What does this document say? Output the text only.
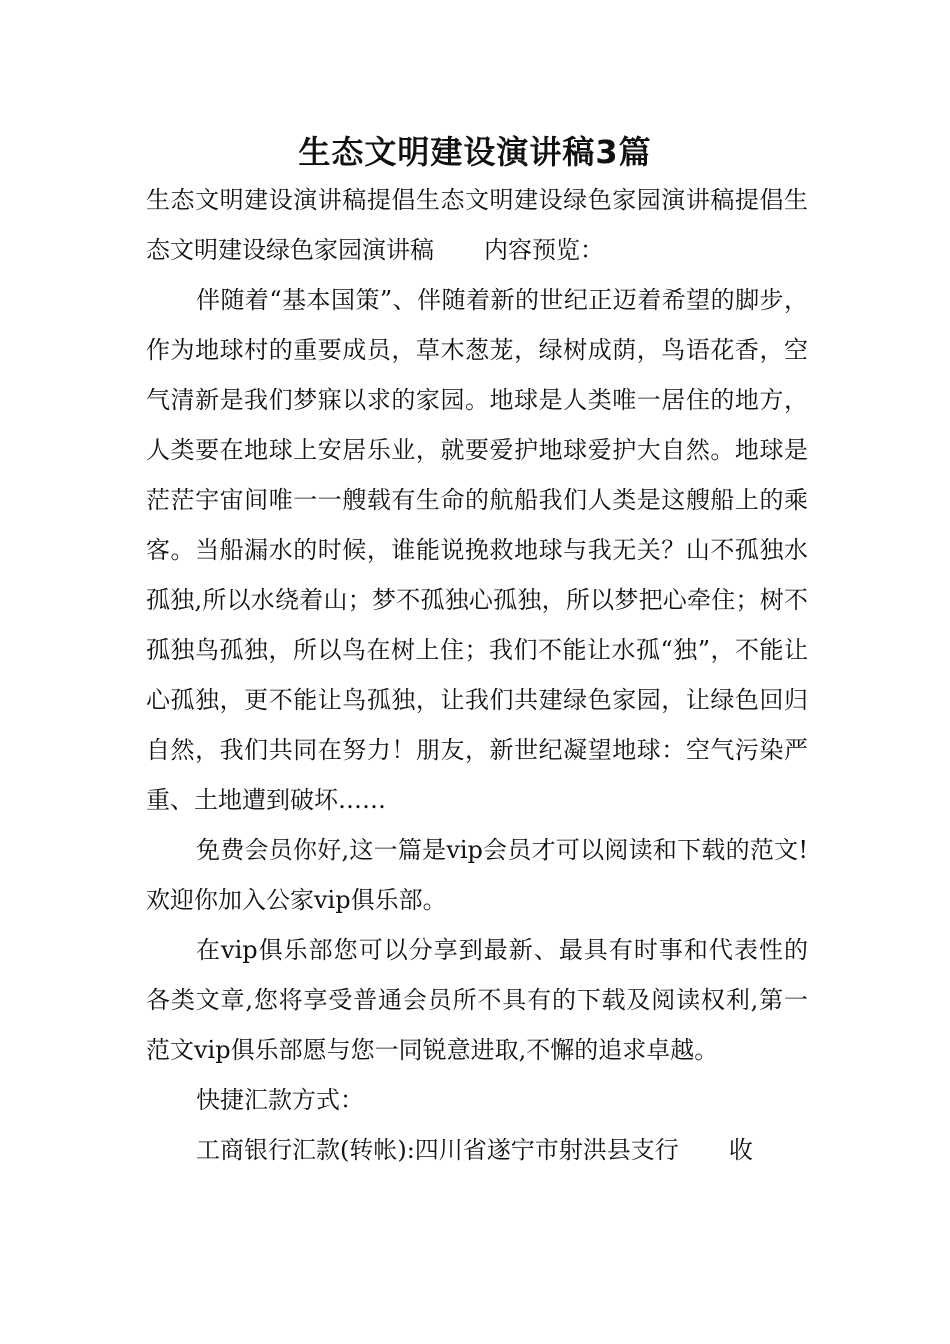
生态文明建设演讲稿3篇

生态文明建设演讲稿提倡生态文明建设绿色家园演讲稿提倡生态文明建设绿色家园演讲稿 内容预览：

伴随着“基本国策”、伴随着新的世纪正迈着希望的脚步，作为地球村的重要成员，草木葱茏，绿树成荫，鸟语花香，空气清新是我们梦寐以求的家园。地球是人类唯一居住的地方，人类要在地球上安居乐业，就要爱护地球爱护大自然。地球是茫茫宇宙间唯一一艘载有生命的航船我们人类是这艘船上的乘客。当船漏水的时候，谁能说挽救地球与我无关？山不孤独水孤独,所以水绕着山；梦不孤独心孤独，所以梦把心牵住；树不孤独鸟孤独，所以鸟在树上住；我们不能让水孤“独”，不能让心孤独，更不能让鸟孤独，让我们共建绿色家园，让绿色回归自然，我们共同在努力！朋友，新世纪凝望地球：空气污染严重、土地遭到破坏……

免费会员你好,这一篇是vip会员才可以阅读和下载的范文!欢迎你加入公家vip俱乐部。

在vip俱乐部您可以分享到最新、最具有时事和代表性的各类文章,您将享受普通会员所不具有的下载及阅读权利,第一范文vip俱乐部愿与您一同锐意进取,不懈的追求卓越。

快捷汇款方式：

工商银行汇款(转帐):四川省遂宁市射洪县支行 收
